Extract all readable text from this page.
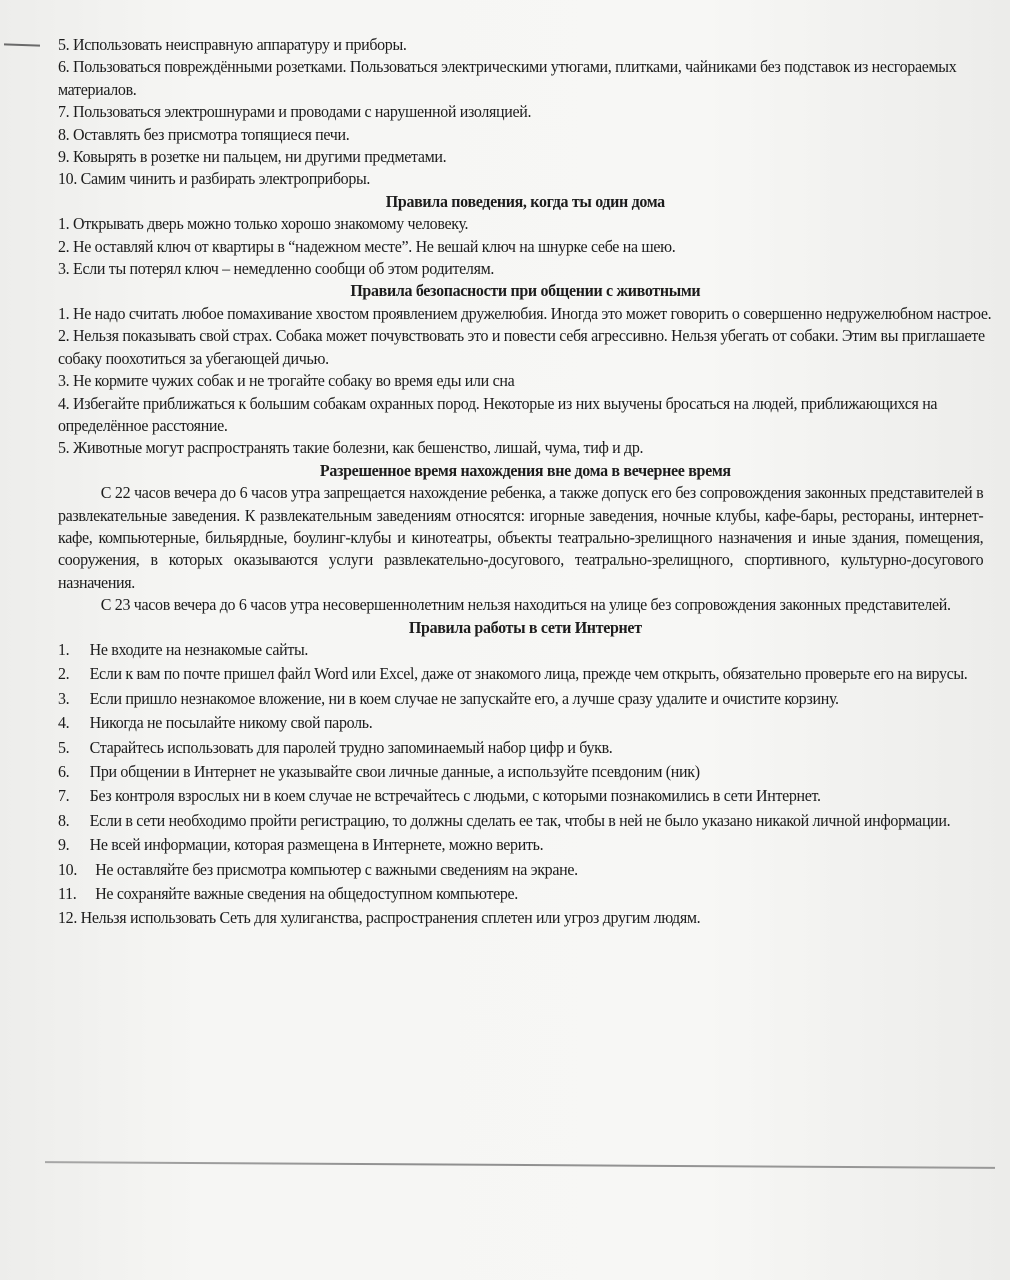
5. Использовать неисправную аппаратуру и приборы.
6. Пользоваться повреждёнными розетками. Пользоваться электрическими утюгами, плитками, чайниками без подставок из несгораемых материалов.
7. Пользоваться электрошнурами и проводами с нарушенной изоляцией.
8. Оставлять без присмотра топящиеся печи.
9. Ковырять в розетке ни пальцем, ни другими предметами.
10. Самим чинить и разбирать электроприборы.
Правила поведения, когда ты один дома
1. Открывать дверь можно только хорошо знакомому человеку.
2. Не оставляй ключ от квартиры в “надежном месте”. Не вешай ключ на шнурке себе на шею.
3. Если ты потерял ключ – немедленно сообщи об этом родителям.
Правила безопасности при общении с животными
1. Не надо считать любое помахивание хвостом проявлением дружелюбия. Иногда это может говорить о совершенно недружелюбном настрое.
2. Нельзя показывать свой страх. Собака может почувствовать это и повести себя агрессивно. Нельзя убегать от собаки. Этим вы приглашаете собаку поохотиться за убегающей дичью.
3. Не кормите чужих собак и не трогайте собаку во время еды или сна
4. Избегайте приближаться к большим собакам охранных пород. Некоторые из них выучены бросаться на людей, приближающихся на определённое расстояние.
5. Животные могут распространять такие болезни, как бешенство, лишай, чума, тиф и др.
Разрешенное время нахождения вне дома в вечернее время
С 22 часов вечера до 6 часов утра запрещается нахождение ребенка, а также допуск его без сопровождения законных представителей в развлекательные заведения. К развлекательным заведениям относятся: игорные заведения, ночные клубы, кафе-бары, рестораны, интернет-кафе, компьютерные, бильярдные, боулинг-клубы и кинотеатры, объекты театрально-зрелищного назначения и иные здания, помещения, сооружения, в которых оказываются услуги развлекательно-досугового, театрально-зрелищного, спортивного, культурно-досугового назначения.
С 23 часов вечера до 6 часов утра несовершеннолетним нельзя находиться на улице без сопровождения законных представителей.
Правила работы в сети Интернет
1. Не входите на незнакомые сайты.
2. Если к вам по почте пришел файл Word или Excel, даже от знакомого лица, прежде чем открыть, обязательно проверьте его на вирусы.
3. Если пришло незнакомое вложение, ни в коем случае не запускайте его, а лучше сразу удалите и очистите корзину.
4. Никогда не посылайте никому свой пароль.
5. Старайтесь использовать для паролей трудно запоминаемый набор цифр и букв.
6. При общении в Интернет не указывайте свои личные данные, а используйте псевдоним (ник)
7. Без контроля взрослых ни в коем случае не встречайтесь с людьми, с которыми познакомились в сети Интернет.
8. Если в сети необходимо пройти регистрацию, то должны сделать ее так, чтобы в ней не было указано никакой личной информации.
9. Не всей информации, которая размещена в Интернете, можно верить.
10. Не оставляйте без присмотра компьютер с важными сведениям на экране.
11. Не сохраняйте важные сведения на общедоступном компьютере.
12. Нельзя использовать Сеть для хулиганства, распространения сплетен или угроз другим людям.
